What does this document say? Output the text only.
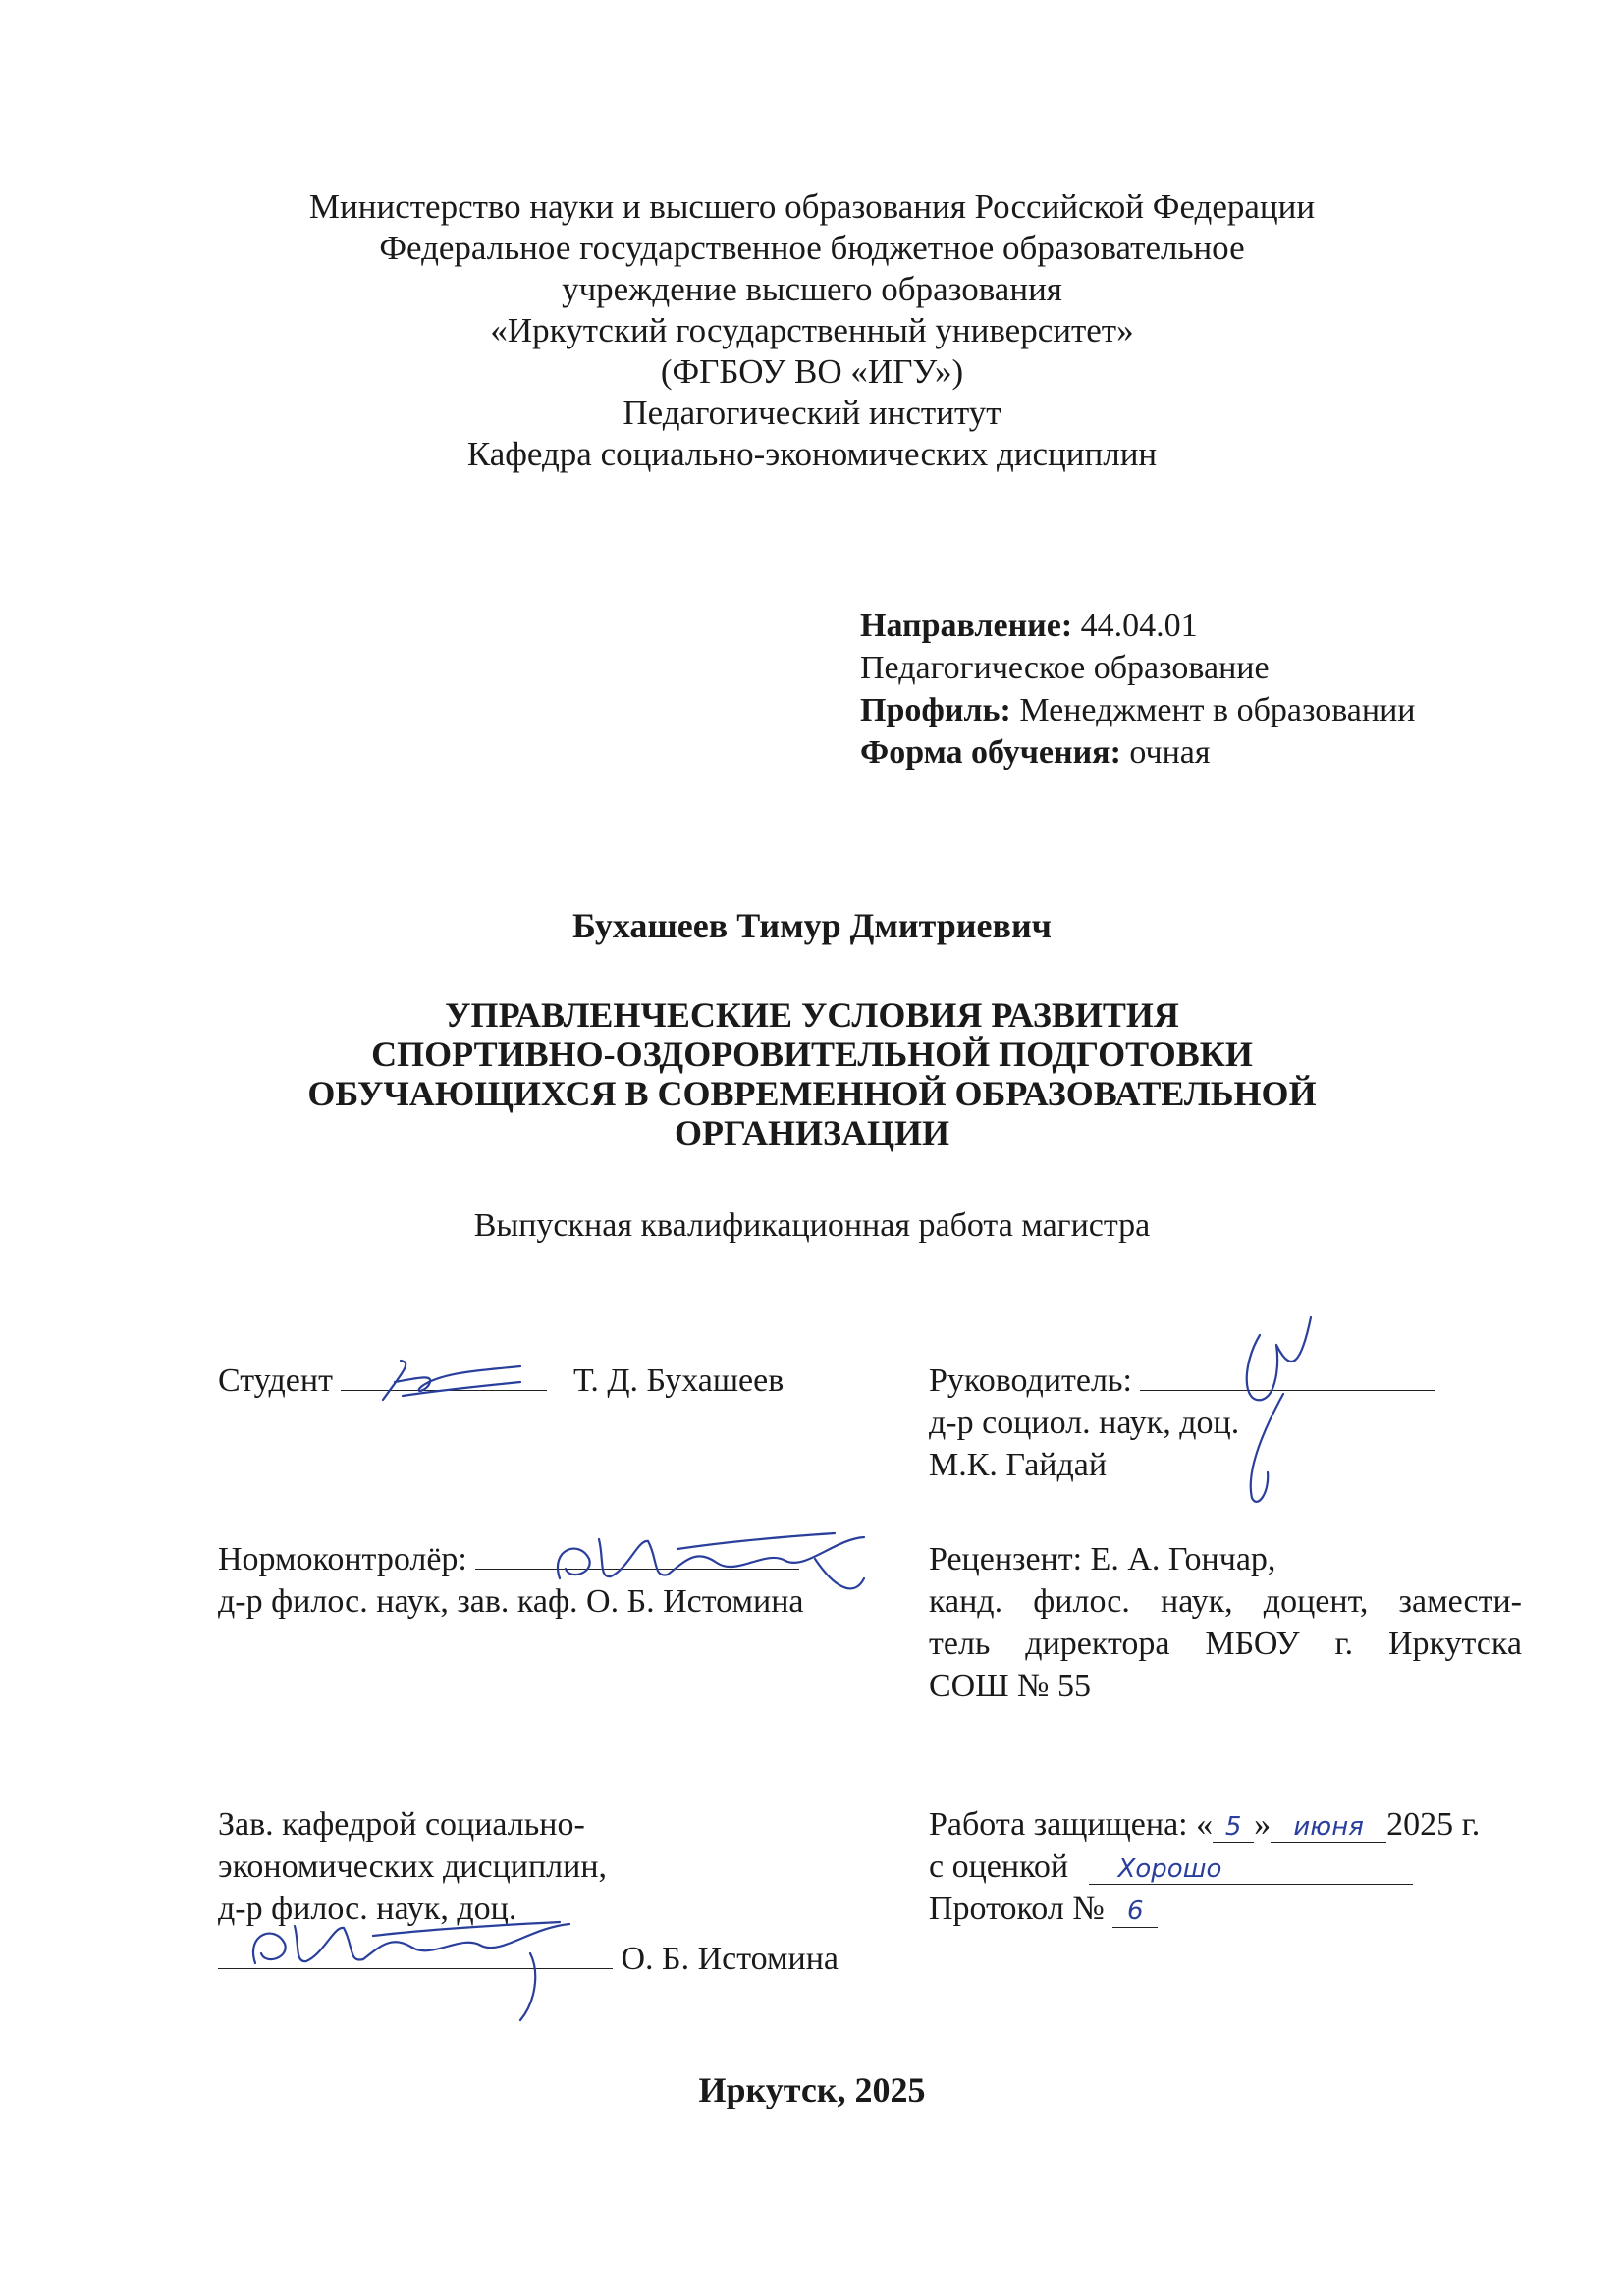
Министерство науки и высшего образования Российской Федерации
Федеральное государственное бюджетное образовательное
учреждение высшего образования
«Иркутский государственный университет»
(ФГБОУ ВО «ИГУ»)
Педагогический институт
Кафедра социально-экономических дисциплин
Направление: 44.04.01
Педагогическое образование
Профиль: Менеджмент в образовании
Форма обучения: очная
Бухашеев Тимур Дмитриевич
УПРАВЛЕНЧЕСКИЕ УСЛОВИЯ РАЗВИТИЯ
СПОРТИВНО-ОЗДОРОВИТЕЛЬНОЙ ПОДГОТОВКИ
ОБУЧАЮЩИХСЯ В СОВРЕМЕННОЙ ОБРАЗОВАТЕЛЬНОЙ
ОРГАНИЗАЦИИ
Выпускная квалификационная работа магистра
Студент	Т. Д. Бухашеев	Руководитель:
д-р социол. наук, доц.
М.К. Гайдай
Нормоконтролёр:
д-р филос. наук, зав. каф. О. Б. Истомина
Рецензент: Е. А. Гончар,
канд. филос. наук, доцент, замести-
тель директора МБОУ г. Иркутска
СОШ № 55
Зав. кафедрой социально-
экономических дисциплин,
д-р филос. наук, доц.
О. Б. Истомина
Работа защищена: « 5 » июня 2025 г.
с оценкой Хорошо
Протокол № 6
Иркутск, 2025
